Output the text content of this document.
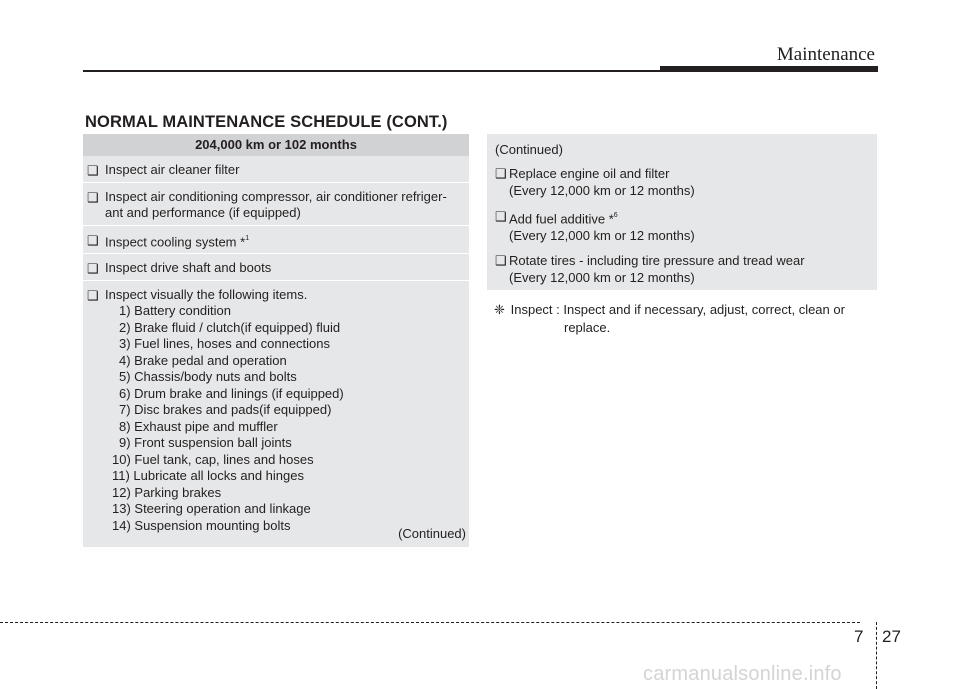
Maintenance
NORMAL MAINTENANCE SCHEDULE (CONT.)
204,000 km or 102 months
❑ Inspect air cleaner filter
❑ Inspect air conditioning compressor, air conditioner refriger-
ant and performance (if equipped)
❑ Inspect cooling system *$^1$
❑ Inspect drive shaft and boots
❑ Inspect visually the following items.
1) Battery condition
2) Brake fluid / clutch(if equipped) fluid
3) Fuel lines, hoses and connections
4) Brake pedal and operation
5) Chassis/body nuts and bolts
6) Drum brake and linings (if equipped)
7) Disc brakes and pads(if equipped)
8) Exhaust pipe and muffler
9) Front suspension ball joints
10) Fuel tank, cap, lines and hoses
11) Lubricate all locks and hinges
12) Parking brakes
13) Steering operation and linkage
14) Suspension mounting bolts
(Continued)
(Continued)
❑ Replace engine oil and filter
(Every 12,000 km or 12 months)
❑ Add fuel additive *$^6$
(Every 12,000 km or 12 months)
❑ Rotate tires - including tire pressure and tread wear
(Every 12,000 km or 12 months)
❈ Inspect : Inspect and if necessary, adjust, correct, clean or
replace.
7 27
carmanualsonline.info
